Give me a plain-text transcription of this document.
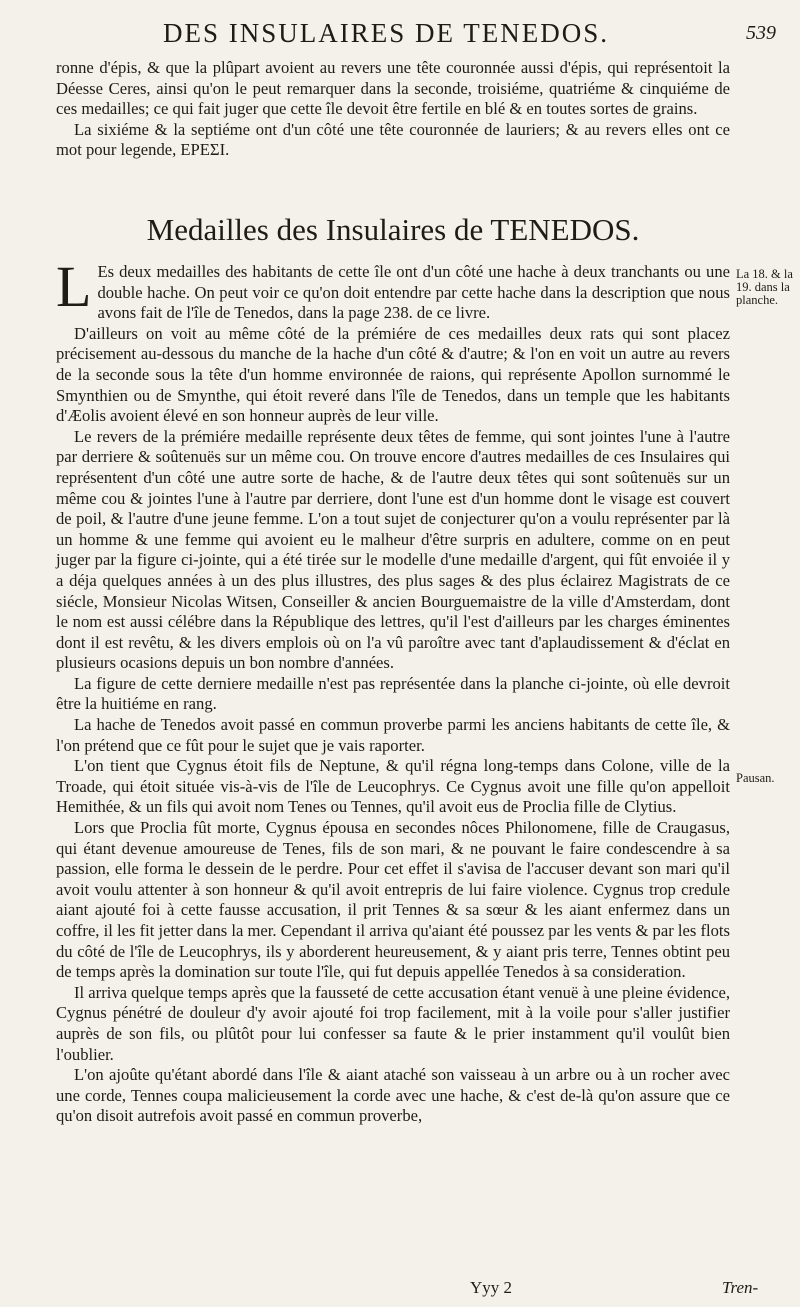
DES INSULAIRES DE TENEDOS.	539

ronne d'épis, & que la plûpart avoient au revers une tête couronnée aussi d'épis, qui représentoit la Déesse Ceres, ainsi qu'on le peut remarquer dans la seconde, troisiéme, quatriéme & cinquiéme de ces medailles; ce qui fait juger que cette île devoit être fertile en blé & en toutes sortes de grains.

La sixiéme & la septiéme ont d'un côté une tête couronnée de lauriers; & au revers elles ont ce mot pour legende, ΕΡΕΣΙ.

Medailles des Insulaires de TENEDOS.

L Es deux medailles des habitants de cette île ont d'un côté une hache à deux tranchants ou une double hache. On peut voir ce qu'on doit entendre par cette hache dans la description que nous avons fait de l'île de Tenedos, dans la page 238. de ce livre.

D'ailleurs on voit au même côté de la prémiére de ces medailles deux rats qui sont placez précisement au-dessous du manche de la hache d'un côté & d'autre; & l'on en voit un autre au revers de la seconde sous la tête d'un homme environnée de raions, qui représente Apollon surnommé le Smynthien ou de Smynthe, qui étoit reveré dans l'île de Tenedos, dans un temple que les habitants d'Æolis avoient élevé en son honneur auprès de leur ville.

Le revers de la prémiére medaille représente deux têtes de femme, qui sont jointes l'une à l'autre par derriere & soûtenuës sur un même cou. On trouve encore d'autres medailles de ces Insulaires qui représentent d'un côté une autre sorte de hache, & de l'autre deux têtes qui sont soûtenuës sur un même cou & jointes l'une à l'autre par derriere, dont l'une est d'un homme dont le visage est couvert de poil, & l'autre d'une jeune femme. L'on a tout sujet de conjecturer qu'on a voulu représenter par là un homme & une femme qui avoient eu le malheur d'être surpris en adultere, comme on en peut juger par la figure ci-jointe, qui a été tirée sur le modelle d'une medaille d'argent, qui fût envoiée il y a déja quelques années à un des plus illustres, des plus sages & des plus éclairez Magistrats de ce siécle, Monsieur Nicolas Witsen, Conseiller & ancien Bourguemaistre de la ville d'Amsterdam, dont le nom est aussi célébre dans la République des lettres, qu'il l'est d'ailleurs par les charges éminentes dont il est revêtu, & les divers emplois où on l'a vû paroître avec tant d'aplaudissement & d'éclat en plusieurs ocasions depuis un bon nombre d'années.

La figure de cette derniere medaille n'est pas représentée dans la planche ci-jointe, où elle devroit être la huitiéme en rang.

La hache de Tenedos avoit passé en commun proverbe parmi les anciens habitants de cette île, & l'on prétend que ce fût pour le sujet que je vais raporter.

L'on tient que Cygnus étoit fils de Neptune, & qu'il régna long-temps dans Colone, ville de la Troade, qui étoit située vis-à-vis de l'île de Leucophrys. Ce Cygnus avoit une fille qu'on appelloit Hemithée, & un fils qui avoit nom Tenes ou Tennes, qu'il avoit eus de Proclia fille de Clytius.

Lors que Proclia fût morte, Cygnus épousa en secondes nôces Philonomene, fille de Craugasus, qui étant devenue amoureuse de Tenes, fils de son mari, & ne pouvant le faire condescendre à sa passion, elle forma le dessein de le perdre. Pour cet effet il s'avisa de l'accuser devant son mari qu'il avoit voulu attenter à son honneur & qu'il avoit entrepris de lui faire violence. Cygnus trop credule aiant ajouté foi à cette fausse accusation, il prit Tennes & sa sœur & les aiant enfermez dans un coffre, il les fit jetter dans la mer. Cependant il arriva qu'aiant été poussez par les vents & par les flots du côté de l'île de Leucophrys, ils y aborderent heureusement, & y aiant pris terre, Tennes obtint peu de temps après la domination sur toute l'île, qui fut depuis appellée Tenedos à sa consideration.

Il arriva quelque temps après que la fausseté de cette accusation étant venuë à une pleine évidence, Cygnus pénétré de douleur d'y avoir ajouté foi trop facilement, mit à la voile pour s'aller justifier auprès de son fils, ou plûtôt pour lui confesser sa faute & le prier instamment qu'il voulût bien l'oublier.

L'on ajoûte qu'étant abordé dans l'île & aiant ataché son vaisseau à un arbre ou à un rocher avec une corde, Tennes coupa malicieusement la corde avec une hache, & c'est de-là qu'on assure que ce qu'on disoit autrefois avoit passé en commun proverbe,

La 18. & la 19. dans la planche.
Pausan.
Yyy 2	Tren-
